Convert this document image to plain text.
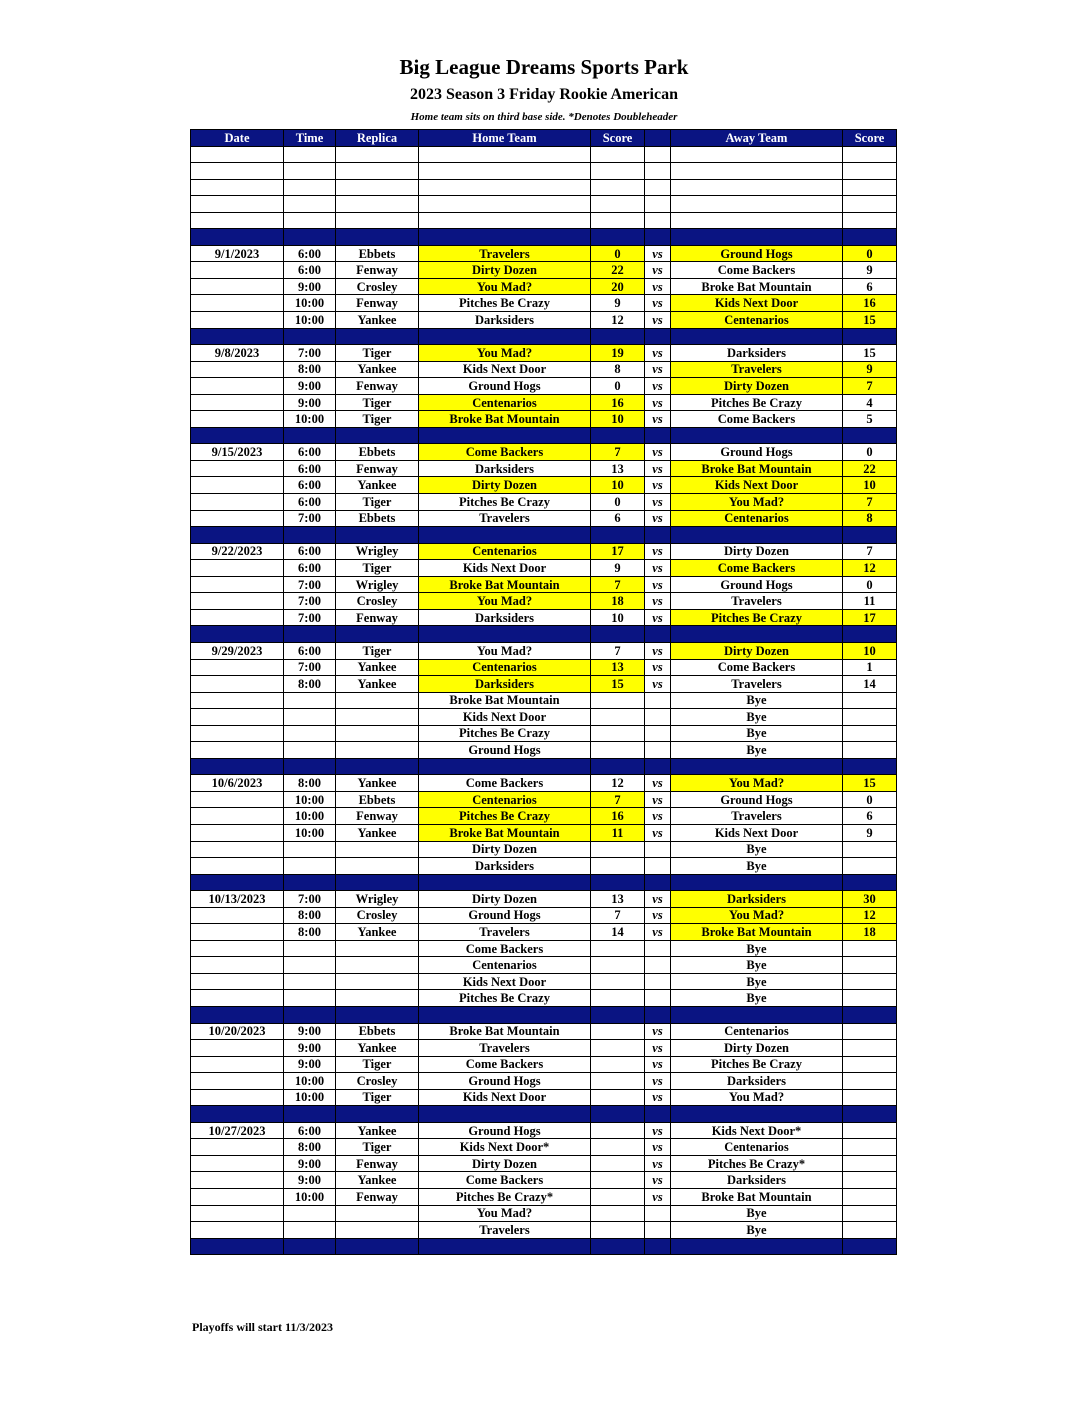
Big League Dreams Sports Park
2023 Season 3 Friday Rookie American
Home team sits on third base side. *Denotes Doubleheader
Date	Time	Replica	Home Team	Score		Away Team	Score

9/1/2023	6:00	Ebbets	Travelers	0	vs	Ground Hogs	0
	6:00	Fenway	Dirty Dozen	22	vs	Come Backers	9
	9:00	Crosley	You Mad?	20	vs	Broke Bat Mountain	6
	10:00	Fenway	Pitches Be Crazy	9	vs	Kids Next Door	16
	10:00	Yankee	Darksiders	12	vs	Centenarios	15

9/8/2023	7:00	Tiger	You Mad?	19	vs	Darksiders	15
	8:00	Yankee	Kids Next Door	8	vs	Travelers	9
	9:00	Fenway	Ground Hogs	0	vs	Dirty Dozen	7
	9:00	Tiger	Centenarios	16	vs	Pitches Be Crazy	4
	10:00	Tiger	Broke Bat Mountain	10	vs	Come Backers	5

9/15/2023	6:00	Ebbets	Come Backers	7	vs	Ground Hogs	0
	6:00	Fenway	Darksiders	13	vs	Broke Bat Mountain	22
	6:00	Yankee	Dirty Dozen	10	vs	Kids Next Door	10
	6:00	Tiger	Pitches Be Crazy	0	vs	You Mad?	7
	7:00	Ebbets	Travelers	6	vs	Centenarios	8

9/22/2023	6:00	Wrigley	Centenarios	17	vs	Dirty Dozen	7
	6:00	Tiger	Kids Next Door	9	vs	Come Backers	12
	7:00	Wrigley	Broke Bat Mountain	7	vs	Ground Hogs	0
	7:00	Crosley	You Mad?	18	vs	Travelers	11
	7:00	Fenway	Darksiders	10	vs	Pitches Be Crazy	17

9/29/2023	6:00	Tiger	You Mad?	7	vs	Dirty Dozen	10
	7:00	Yankee	Centenarios	13	vs	Come Backers	1
	8:00	Yankee	Darksiders	15	vs	Travelers	14
			Broke Bat Mountain			Bye	
			Kids Next Door			Bye	
			Pitches Be Crazy			Bye	
			Ground Hogs			Bye	

10/6/2023	8:00	Yankee	Come Backers	12	vs	You Mad?	15
	10:00	Ebbets	Centenarios	7	vs	Ground Hogs	0
	10:00	Fenway	Pitches Be Crazy	16	vs	Travelers	6
	10:00	Yankee	Broke Bat Mountain	11	vs	Kids Next Door	9
			Dirty Dozen			Bye	
			Darksiders			Bye	

10/13/2023	7:00	Wrigley	Dirty Dozen	13	vs	Darksiders	30
	8:00	Crosley	Ground Hogs	7	vs	You Mad?	12
	8:00	Yankee	Travelers	14	vs	Broke Bat Mountain	18
			Come Backers			Bye	
			Centenarios			Bye	
			Kids Next Door			Bye	
			Pitches Be Crazy			Bye	

10/20/2023	9:00	Ebbets	Broke Bat Mountain		vs	Centenarios	
	9:00	Yankee	Travelers		vs	Dirty Dozen	
	9:00	Tiger	Come Backers		vs	Pitches Be Crazy	
	10:00	Crosley	Ground Hogs		vs	Darksiders	
	10:00	Tiger	Kids Next Door		vs	You Mad?	

10/27/2023	6:00	Yankee	Ground Hogs		vs	Kids Next Door*	
	8:00	Tiger	Kids Next Door*		vs	Centenarios	
	9:00	Fenway	Dirty Dozen		vs	Pitches Be Crazy*	
	9:00	Yankee	Come Backers		vs	Darksiders	
	10:00	Fenway	Pitches Be Crazy*		vs	Broke Bat Mountain	
			You Mad?			Bye	
			Travelers			Bye	

Playoffs will start 11/3/2023
